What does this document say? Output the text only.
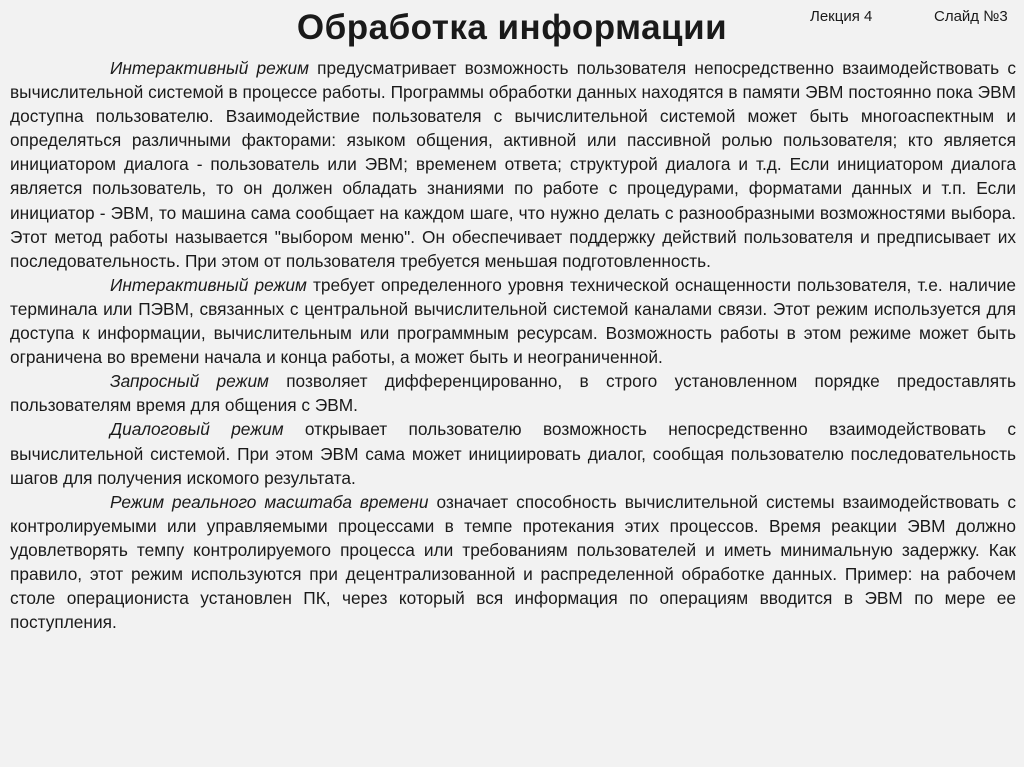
Обработка информации	Лекция 4	Слайд №3

Интерактивный режим предусматривает возможность пользователя непосредственно взаимодействовать с вычислительной системой в процессе работы. Программы обработки данных находятся в памяти ЭВМ постоянно пока ЭВМ доступна пользователю. Взаимодействие пользователя с вычислительной системой может быть многоаспектным и определяться различными факторами: языком общения, активной или пассивной ролью пользователя; кто является инициатором диалога - пользователь или ЭВМ; временем ответа; структурой диалога и т.д. Если инициатором диалога является пользователь, то он должен обладать знаниями по работе с процедурами, форматами данных и т.п. Если инициатор - ЭВМ, то машина сама сообщает на каждом шаге, что нужно делать с разнообразными возможностями выбора. Этот метод работы называется "выбором меню". Он обеспечивает поддержку действий пользователя и предписывает их последовательность. При этом от пользователя требуется меньшая подготовленность.

Интерактивный режим требует определенного уровня технической оснащенности пользователя, т.е. наличие терминала или ПЭВМ, связанных с центральной вычислительной системой каналами связи. Этот режим используется для доступа к информации, вычислительным или программным ресурсам. Возможность работы в этом режиме может быть ограничена во времени начала и конца работы, а может быть и неограниченной.

Запросный режим позволяет дифференцированно, в строго установленном порядке предоставлять пользователям время для общения с ЭВМ.

Диалоговый режим открывает пользователю возможность непосредственно взаимодействовать с вычислительной системой. При этом ЭВМ сама может инициировать диалог, сообщая пользователю последовательность шагов для получения искомого результата.

Режим реального масштаба времени означает способность вычислительной системы взаимодействовать с контролируемыми или управляемыми процессами в темпе протекания этих процессов. Время реакции ЭВМ должно удовлетворять темпу контролируемого процесса или требованиям пользователей и иметь минимальную задержку. Как правило, этот режим используются при децентрализованной и распределенной обработке данных. Пример: на рабочем столе операциониста установлен ПК, через который вся информация по операциям вводится в ЭВМ по мере ее поступления.
